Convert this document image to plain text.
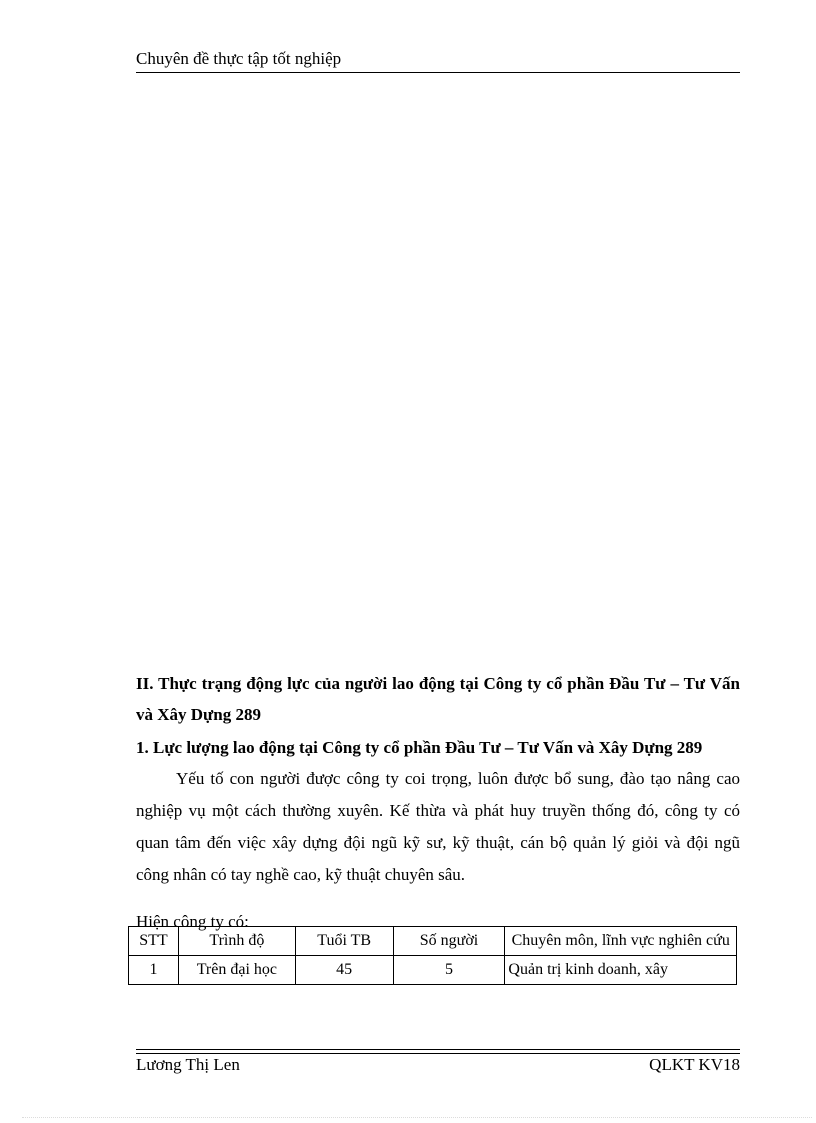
Chuyên đề thực tập tốt nghiệp
II. Thực trạng động lực của người lao động tại Công ty cổ phần Đầu Tư – Tư Vấn và Xây Dựng 289
1. Lực lượng lao động tại Công ty cổ phần Đầu Tư – Tư Vấn và Xây Dựng 289

Yếu tố con người được công ty coi trọng, luôn được bổ sung, đào tạo nâng cao nghiệp vụ một cách thường xuyên. Kế thừa và phát huy truyền thống đó, công ty có quan tâm đến việc xây dựng đội ngũ kỹ sư, kỹ thuật, cán bộ quản lý giỏi và đội ngũ công nhân có tay nghề cao, kỹ thuật chuyên sâu.

Hiện công ty có:

STT	Trình độ	Tuổi TB	Số người	Chuyên môn, lĩnh vực nghiên cứu
1	Trên đại học	45	5	Quản trị kinh doanh, xây
Lương Thị Len	QLKT KV18
